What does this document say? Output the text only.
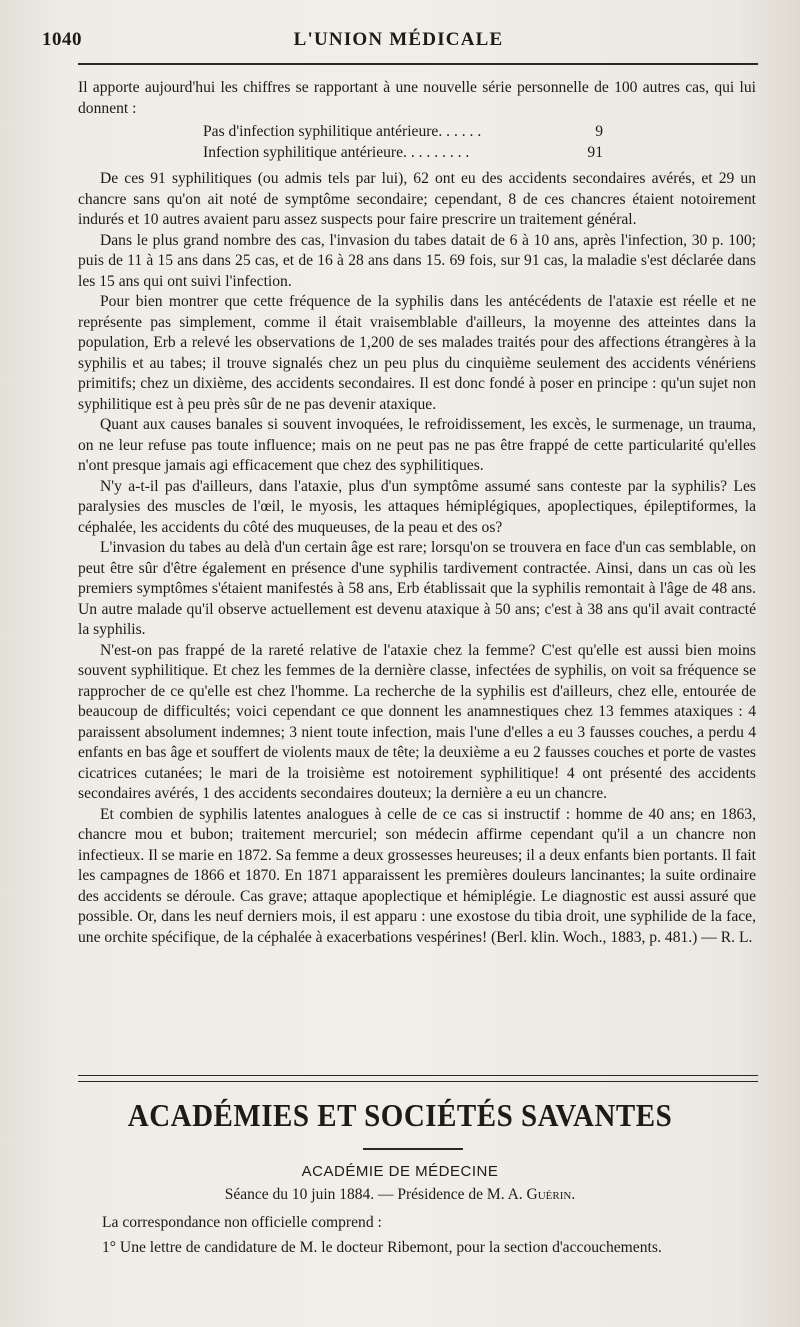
1040	L'UNION MÉDICALE

Il apporte aujourd'hui les chiffres se rapportant à une nouvelle série personnelle de 100 autres cas, qui lui donnent :

Pas d'infection syphilitique antérieure. . . . . .	9
Infection syphilitique antérieure. . . . . . . . .	91

De ces 91 syphilitiques (ou admis tels par lui), 62 ont eu des accidents secondaires avérés, et 29 un chancre sans qu'on ait noté de symptôme secondaire; cependant, 8 de ces chancres étaient notoirement indurés et 10 autres avaient paru assez suspects pour faire prescrire un traitement général.

Dans le plus grand nombre des cas, l'invasion du tabes datait de 6 à 10 ans, après l'infection, 30 p. 100; puis de 11 à 15 ans dans 25 cas, et de 16 à 28 ans dans 15. 69 fois, sur 91 cas, la maladie s'est déclarée dans les 15 ans qui ont suivi l'infection.

Pour bien montrer que cette fréquence de la syphilis dans les antécédents de l'ataxie est réelle et ne représente pas simplement, comme il était vraisemblable d'ailleurs, la moyenne des atteintes dans la population, Erb a relevé les observations de 1,200 de ses malades traités pour des affections étrangères à la syphilis et au tabes; il trouve signalés chez un peu plus du cinquième seulement des accidents vénériens primitifs; chez un dixième, des accidents secondaires. Il est donc fondé à poser en principe : qu'un sujet non syphilitique est à peu près sûr de ne pas devenir ataxique.

Quant aux causes banales si souvent invoquées, le refroidissement, les excès, le surmenage, un trauma, on ne leur refuse pas toute influence; mais on ne peut pas ne pas être frappé de cette particularité qu'elles n'ont presque jamais agi efficacement que chez des syphilitiques.

N'y a-t-il pas d'ailleurs, dans l'ataxie, plus d'un symptôme assumé sans conteste par la syphilis? Les paralysies des muscles de l'œil, le myosis, les attaques hémiplégiques, apoplectiques, épileptiformes, la céphalée, les accidents du côté des muqueuses, de la peau et des os?

L'invasion du tabes au delà d'un certain âge est rare; lorsqu'on se trouvera en face d'un cas semblable, on peut être sûr d'être également en présence d'une syphilis tardivement contractée. Ainsi, dans un cas où les premiers symptômes s'étaient manifestés à 58 ans, Erb établissait que la syphilis remontait à l'âge de 48 ans. Un autre malade qu'il observe actuellement est devenu ataxique à 50 ans; c'est à 38 ans qu'il avait contracté la syphilis.

N'est-on pas frappé de la rareté relative de l'ataxie chez la femme? C'est qu'elle est aussi bien moins souvent syphilitique. Et chez les femmes de la dernière classe, infectées de syphilis, on voit sa fréquence se rapprocher de ce qu'elle est chez l'homme. La recherche de la syphilis est d'ailleurs, chez elle, entourée de beaucoup de difficultés; voici cependant ce que donnent les anamnestiques chez 13 femmes ataxiques : 4 paraissent absolument indemnes; 3 nient toute infection, mais l'une d'elles a eu 3 fausses couches, a perdu 4 enfants en bas âge et souffert de violents maux de tête; la deuxième a eu 2 fausses couches et porte de vastes cicatrices cutanées; le mari de la troisième est notoirement syphilitique! 4 ont présenté des accidents secondaires avérés, 1 des accidents secondaires douteux; la dernière a eu un chancre.

Et combien de syphilis latentes analogues à celle de ce cas si instructif : homme de 40 ans; en 1863, chancre mou et bubon; traitement mercuriel; son médecin affirme cependant qu'il a un chancre non infectieux. Il se marie en 1872. Sa femme a deux grossesses heureuses; il a deux enfants bien portants. Il fait les campagnes de 1866 et 1870. En 1871 apparaissent les premières douleurs lancinantes; la suite ordinaire des accidents se déroule. Cas grave; attaque apoplectique et hémiplégie. Le diagnostic est aussi assuré que possible. Or, dans les neuf derniers mois, il est apparu : une exostose du tibia droit, une syphilide de la face, une orchite spécifique, de la céphalée à exacerbations vespérines! (Berl. klin. Woch., 1883, p. 481.) — R. L.

ACADÉMIES ET SOCIÉTÉS SAVANTES
ACADÉMIE DE MÉDECINE
Séance du 10 juin 1884. — Présidence de M. A. Guérin.
La correspondance non officielle comprend :
1° Une lettre de candidature de M. le docteur Ribemont, pour la section d'accouchements.
